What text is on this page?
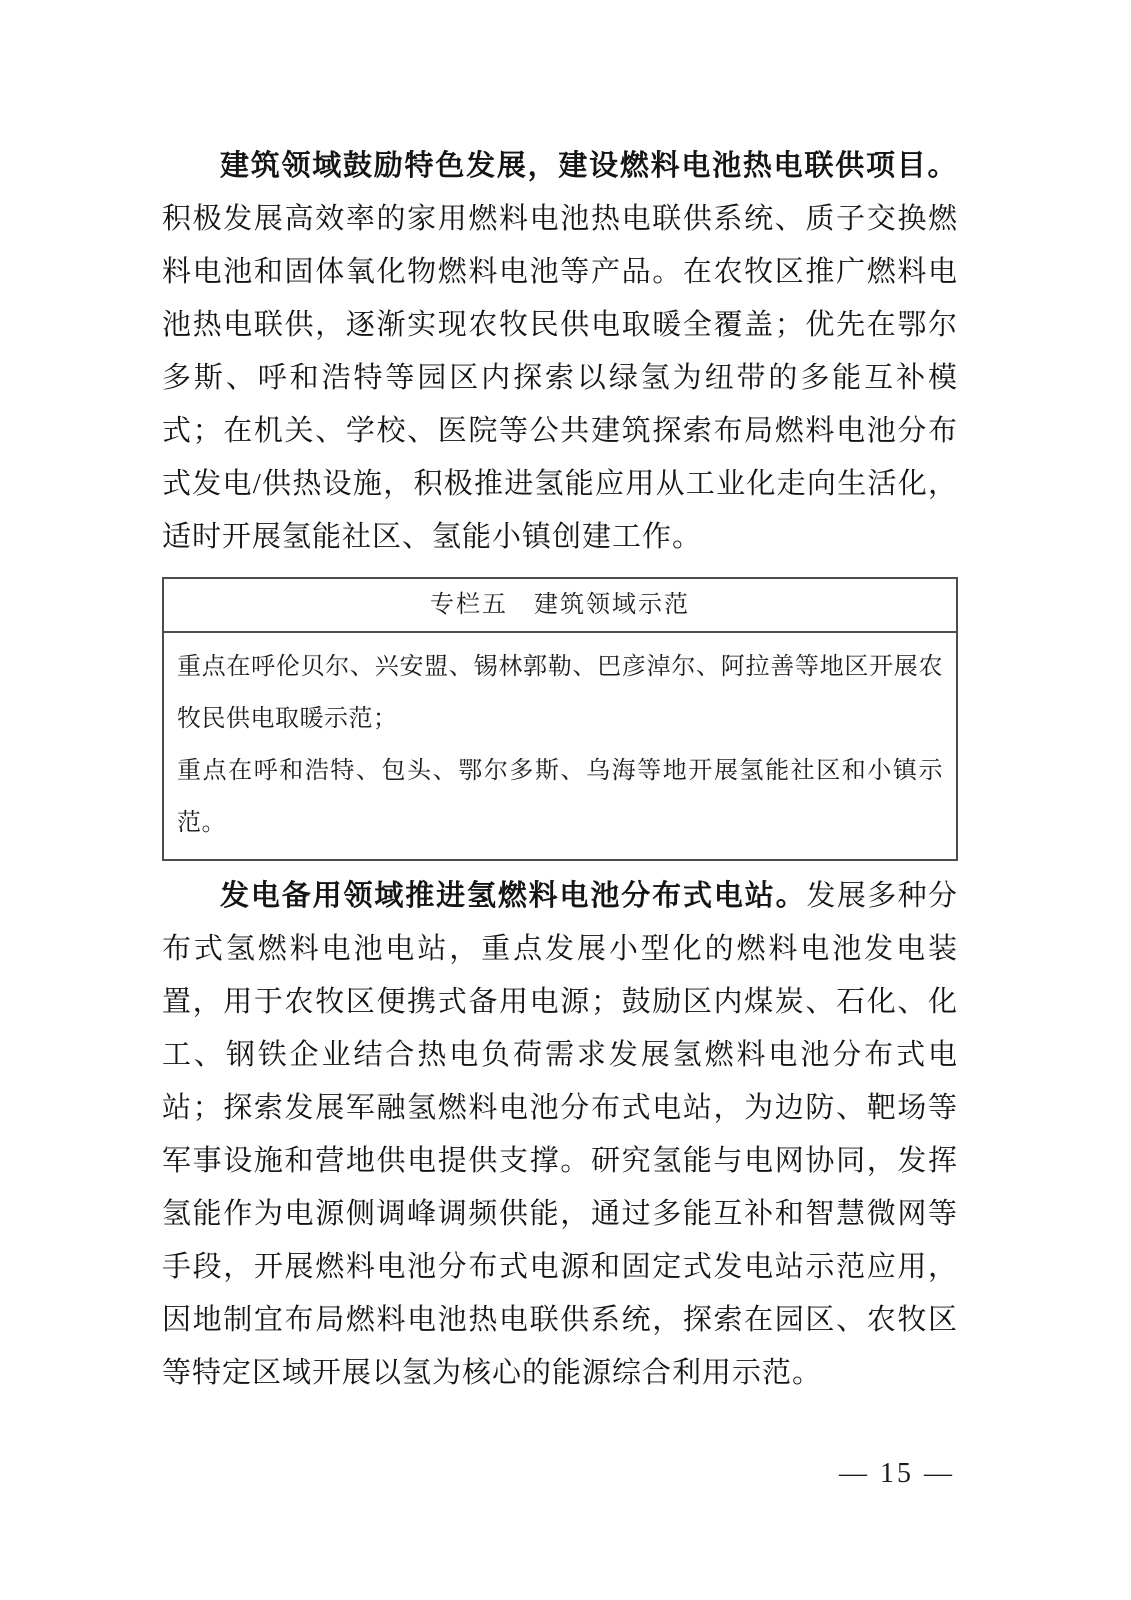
建筑领域鼓励特色发展，建设燃料电池热电联供项目。积极发展高效率的家用燃料电池热电联供系统、质子交换燃料电池和固体氧化物燃料电池等产品。在农牧区推广燃料电池热电联供，逐渐实现农牧民供电取暖全覆盖；优先在鄂尔多斯、呼和浩特等园区内探索以绿氢为纽带的多能互补模式；在机关、学校、医院等公共建筑探索布局燃料电池分布式发电/供热设施，积极推进氢能应用从工业化走向生活化，适时开展氢能社区、氢能小镇创建工作。

专栏五　建筑领域示范

重点在呼伦贝尔、兴安盟、锡林郭勒、巴彦淖尔、阿拉善等地区开展农牧民供电取暖示范；

重点在呼和浩特、包头、鄂尔多斯、乌海等地开展氢能社区和小镇示范。

发电备用领域推进氢燃料电池分布式电站。发展多种分布式氢燃料电池电站，重点发展小型化的燃料电池发电装置，用于农牧区便携式备用电源；鼓励区内煤炭、石化、化工、钢铁企业结合热电负荷需求发展氢燃料电池分布式电站；探索发展军融氢燃料电池分布式电站，为边防、靶场等军事设施和营地供电提供支撑。研究氢能与电网协同，发挥氢能作为电源侧调峰调频供能，通过多能互补和智慧微网等手段，开展燃料电池分布式电源和固定式发电站示范应用，因地制宜布局燃料电池热电联供系统，探索在园区、农牧区等特定区域开展以氢为核心的能源综合利用示范。

— 15 —
